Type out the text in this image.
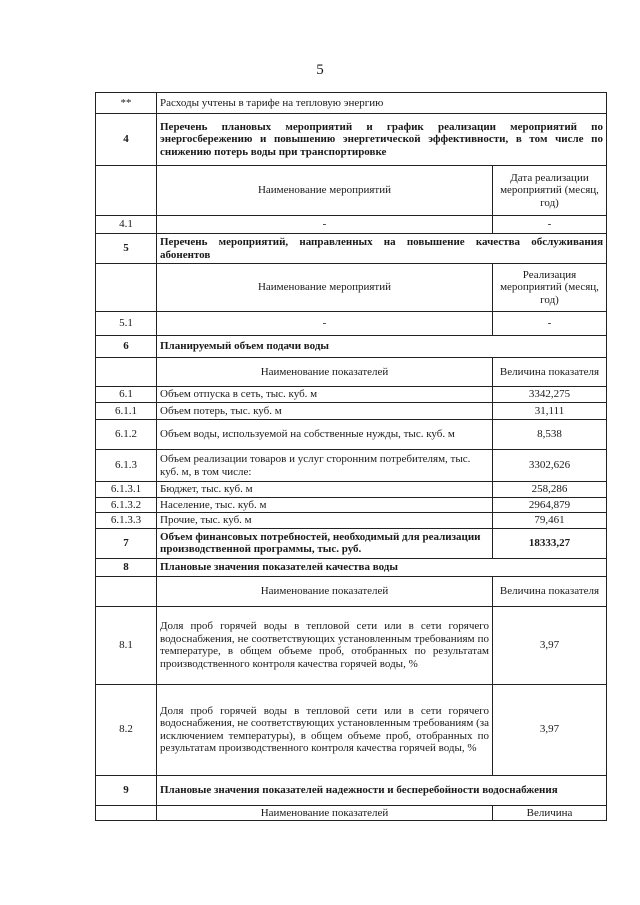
5
**	Расходы учтены в тарифе на тепловую энергию	
4	Перечень плановых мероприятий и график реализации мероприятий по энергосбережению и повышению энергетической эффективности, в том числе по снижению потерь воды при транспортировке	
	Наименование мероприятий	Дата реализации мероприятий (месяц, год)
4.1	-	-
5	Перечень мероприятий, направленных на повышение качества обслуживания абонентов	
	Наименование мероприятий	Реализация мероприятий (месяц, год)
5.1	-	-
6	Планируемый объем подачи воды	
	Наименование показателей	Величина показателя
6.1	Объем отпуска в сеть, тыс. куб. м	3342,275
6.1.1	Объем потерь, тыс. куб. м	31,111
6.1.2	Объем воды, используемой на собственные нужды, тыс. куб. м	8,538
6.1.3	Объем реализации товаров и услуг сторонним потребителям, тыс. куб. м, в том числе:	3302,626
6.1.3.1	Бюджет, тыс. куб. м	258,286
6.1.3.2	Население, тыс. куб. м	2964,879
6.1.3.3	Прочие, тыс. куб. м	79,461
7	Объем финансовых потребностей, необходимый для реализации производственной программы, тыс. руб.	18333,27
8	Плановые значения показателей качества воды	
	Наименование показателей	Величина показателя
8.1	Доля проб горячей воды в тепловой сети или в сети горячего водоснабжения, не соответствующих установленным требованиям по температуре, в общем объеме проб, отобранных по результатам производственного контроля качества горячей воды, %	3,97
8.2	Доля проб горячей воды в тепловой сети или в сети горячего водоснабжения, не соответствующих установленным требованиям (за исключением температуры), в общем объеме проб, отобранных по результатам производственного контроля качества горячей воды, %	3,97
9	Плановые значения показателей надежности и бесперебойности водоснабжения	
	Наименование показателей	Величина
